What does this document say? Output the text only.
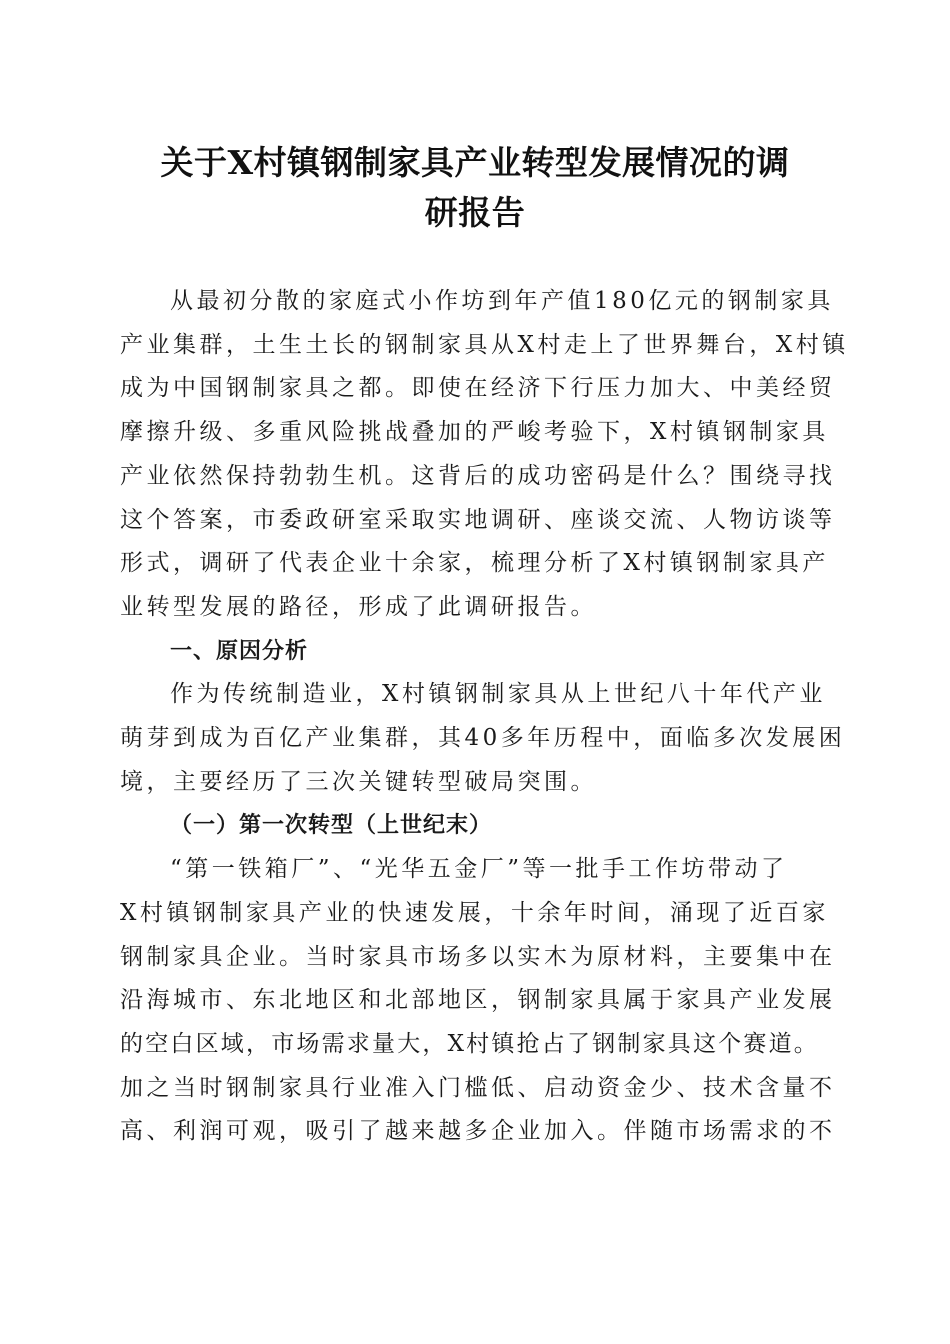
关于X村镇钢制家具产业转型发展情况的调
研报告

从最初分散的家庭式小作坊到年产值180亿元的钢制家具
产业集群，土生土长的钢制家具从X村走上了世界舞台，X村镇
成为中国钢制家具之都。即使在经济下行压力加大、中美经贸
摩擦升级、多重风险挑战叠加的严峻考验下，X村镇钢制家具
产业依然保持勃勃生机。这背后的成功密码是什么？围绕寻找
这个答案，市委政研室采取实地调研、座谈交流、人物访谈等
形式，调研了代表企业十余家，梳理分析了X村镇钢制家具产
业转型发展的路径，形成了此调研报告。

一、原因分析

作为传统制造业，X村镇钢制家具从上世纪八十年代产业
萌芽到成为百亿产业集群，其40多年历程中，面临多次发展困
境，主要经历了三次关键转型破局突围。

（一）第一次转型（上世纪末）

“第一铁箱厂”、“光华五金厂”等一批手工作坊带动了
X村镇钢制家具产业的快速发展，十余年时间，涌现了近百家
钢制家具企业。当时家具市场多以实木为原材料，主要集中在
沿海城市、东北地区和北部地区，钢制家具属于家具产业发展
的空白区域，市场需求量大，X村镇抢占了钢制家具这个赛道。
加之当时钢制家具行业准入门槛低、启动资金少、技术含量不
高、利润可观，吸引了越来越多企业加入。伴随市场需求的不
